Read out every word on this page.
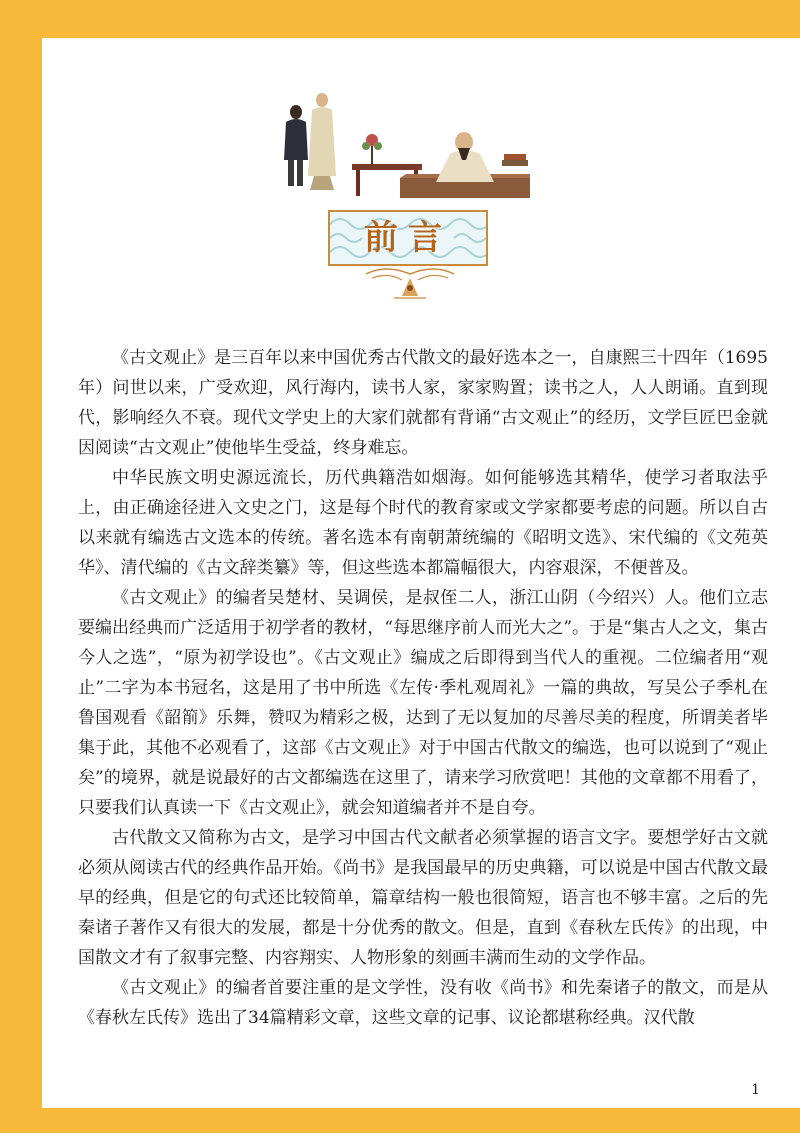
前言

《古文观止》是三百年以来中国优秀古代散文的最好选本之一，自康熙三十四年（1695年）问世以来，广受欢迎，风行海内，读书人家，家家购置；读书之人，人人朗诵。直到现代，影响经久不衰。现代文学史上的大家们就都有背诵“古文观止”的经历，文学巨匠巴金就因阅读“古文观止”使他毕生受益，终身难忘。

中华民族文明史源远流长，历代典籍浩如烟海。如何能够选其精华，使学习者取法乎上，由正确途径进入文史之门，这是每个时代的教育家或文学家都要考虑的问题。所以自古以来就有编选古文选本的传统。著名选本有南朝萧统编的《昭明文选》、宋代编的《文苑英华》、清代编的《古文辞类纂》等，但这些选本都篇幅很大，内容艰深，不便普及。

《古文观止》的编者吴楚材、吴调侯，是叔侄二人，浙江山阴（今绍兴）人。他们立志要编出经典而广泛适用于初学者的教材，“每思继序前人而光大之”。于是“集古人之文，集古今人之选”，“原为初学设也”。《古文观止》编成之后即得到当代人的重视。二位编者用“观止”二字为本书冠名，这是用了书中所选《左传·季札观周礼》一篇的典故，写吴公子季札在鲁国观看《韶箾》乐舞，赞叹为精彩之极，达到了无以复加的尽善尽美的程度，所谓美者毕集于此，其他不必观看了，这部《古文观止》对于中国古代散文的编选，也可以说到了“观止矣”的境界，就是说最好的古文都编选在这里了，请来学习欣赏吧！其他的文章都不用看了，只要我们认真读一下《古文观止》，就会知道编者并不是自夸。

古代散文又简称为古文，是学习中国古代文献者必须掌握的语言文字。要想学好古文就必须从阅读古代的经典作品开始。《尚书》是我国最早的历史典籍，可以说是中国古代散文最早的经典，但是它的句式还比较简单，篇章结构一般也很简短，语言也不够丰富。之后的先秦诸子著作又有很大的发展，都是十分优秀的散文。但是，直到《春秋左氏传》的出现，中国散文才有了叙事完整、内容翔实、人物形象的刻画丰满而生动的文学作品。

《古文观止》的编者首要注重的是文学性，没有收《尚书》和先秦诸子的散文，而是从《春秋左氏传》选出了34篇精彩文章，这些文章的记事、议论都堪称经典。汉代散

1
